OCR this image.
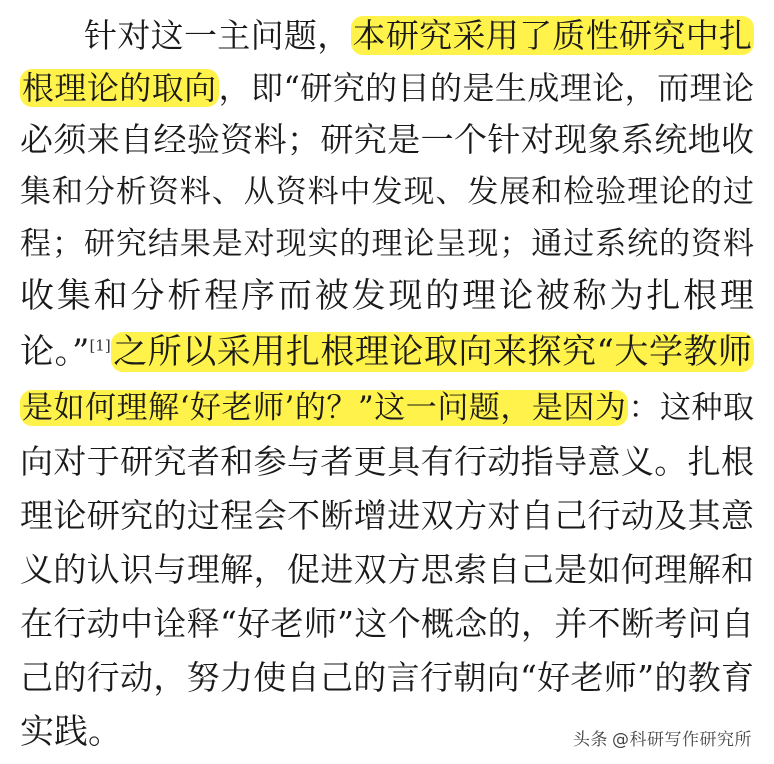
针对这一主问题，本研究采用了质性研究中扎
根理论的取向，即“研究的目的是生成理论，而理论
必须来自经验资料；研究是一个针对现象系统地收
集和分析资料、从资料中发现、发展和检验理论的过
程；研究结果是对现实的理论呈现；通过系统的资料
收集和分析程序而被发现的理论被称为扎根理
论。”[1]之所以采用扎根理论取向来探究“大学教师
是如何理解‘好老师’的？”这一问题，是因为：这种取
向对于研究者和参与者更具有行动指导意义。扎根
理论研究的过程会不断增进双方对自己行动及其意
义的认识与理解，促进双方思索自己是如何理解和
在行动中诠释“好老师”这个概念的，并不断考问自
己的行动，努力使自己的言行朝向“好老师”的教育
实践。	头条 @科研写作研究所
